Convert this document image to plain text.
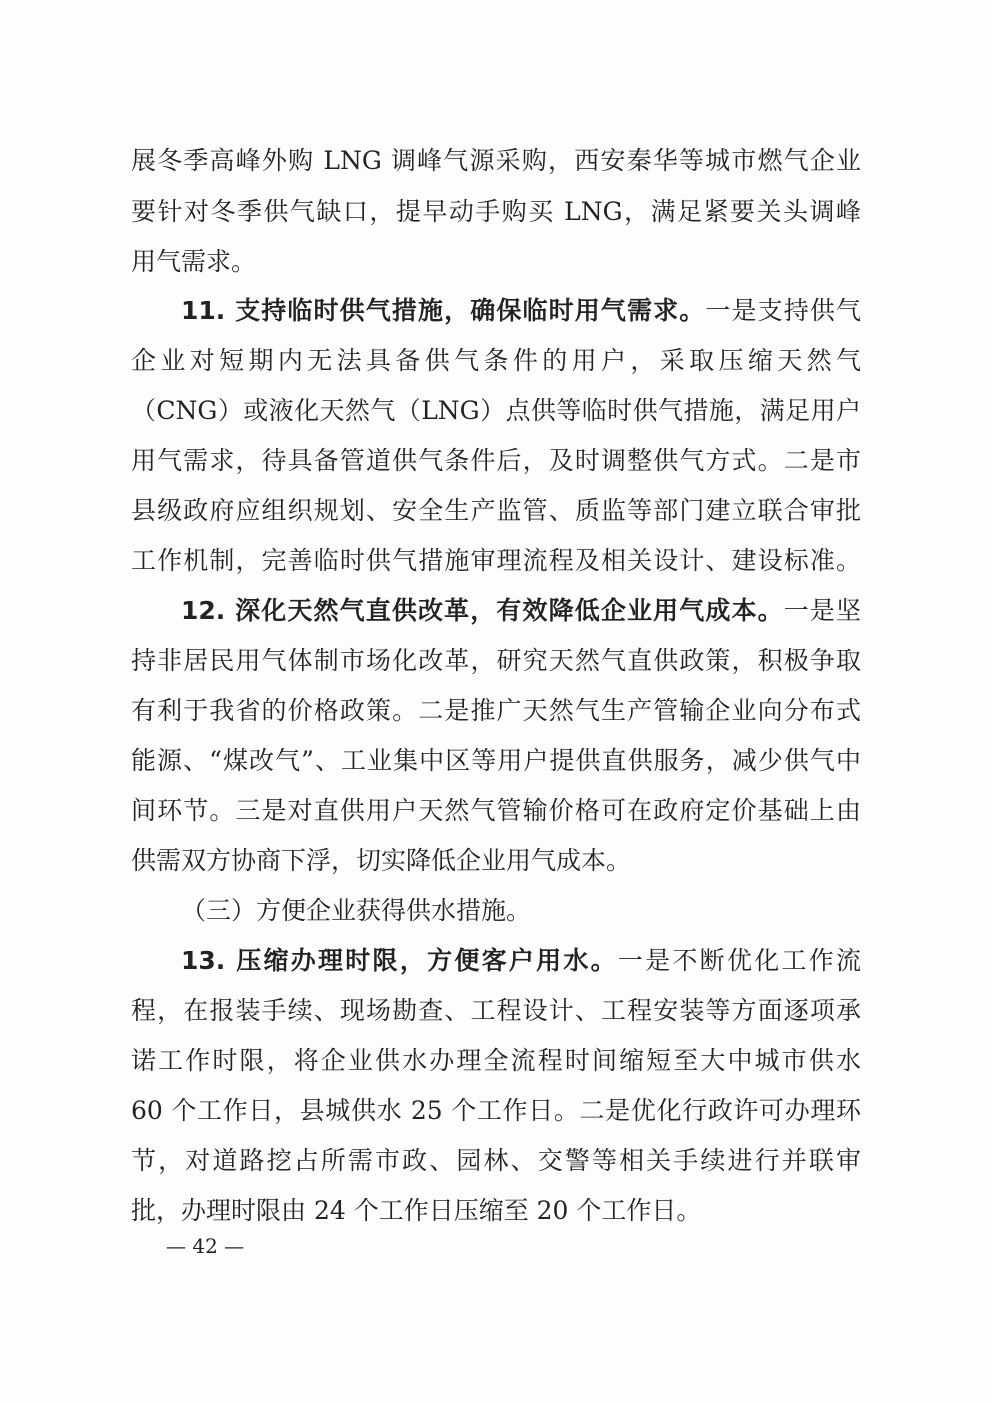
展冬季高峰外购 LNG 调峰气源采购，西安秦华等城市燃气企业
要针对冬季供气缺口，提早动手购买 LNG，满足紧要关头调峰
用气需求。
11. 支持临时供气措施，确保临时用气需求。一是支持供气
企业对短期内无法具备供气条件的用户，采取压缩天然气
（CNG）或液化天然气（LNG）点供等临时供气措施，满足用户
用气需求，待具备管道供气条件后，及时调整供气方式。二是市
县级政府应组织规划、安全生产监管、质监等部门建立联合审批
工作机制，完善临时供气措施审理流程及相关设计、建设标准。
12. 深化天然气直供改革，有效降低企业用气成本。一是坚
持非居民用气体制市场化改革，研究天然气直供政策，积极争取
有利于我省的价格政策。二是推广天然气生产管输企业向分布式
能源、“煤改气”、工业集中区等用户提供直供服务，减少供气中
间环节。三是对直供用户天然气管输价格可在政府定价基础上由
供需双方协商下浮，切实降低企业用气成本。
（三）方便企业获得供水措施。
13. 压缩办理时限，方便客户用水。一是不断优化工作流
程，在报装手续、现场勘查、工程设计、工程安装等方面逐项承
诺工作时限，将企业供水办理全流程时间缩短至大中城市供水
60 个工作日，县城供水 25 个工作日。二是优化行政许可办理环
节，对道路挖占所需市政、园林、交警等相关手续进行并联审
批，办理时限由 24 个工作日压缩至 20 个工作日。
— 42 —
